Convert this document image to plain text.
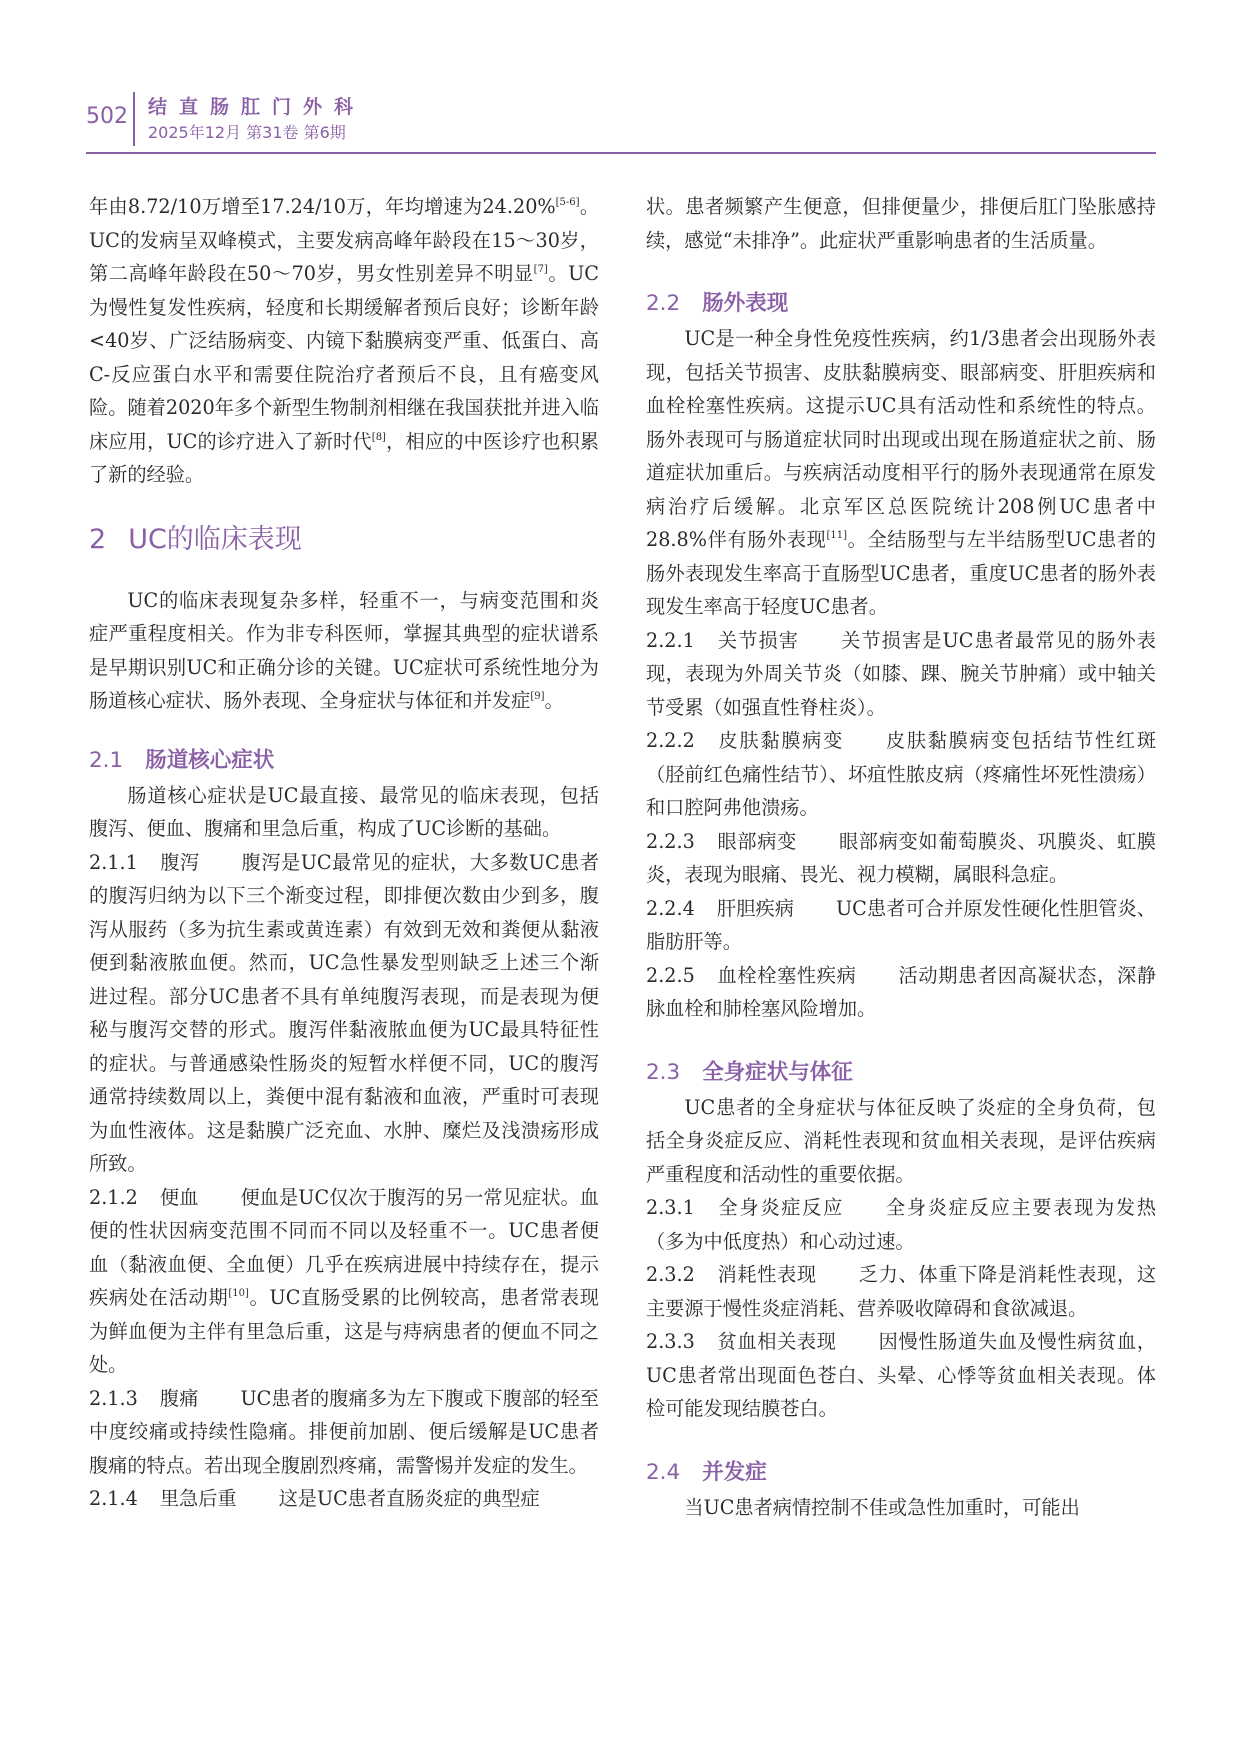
502 结直肠肛门外科
2025年12月 第31卷 第6期

年由8.72/10万增至17.24/10万，年均增速为24.20%[5-6]。UC的发病呈双峰模式，主要发病高峰年龄段在15～30岁，第二高峰年龄段在50～70岁，男女性别差异不明显[7]。UC为慢性复发性疾病，轻度和长期缓解者预后良好；诊断年龄<40岁、广泛结肠病变、内镜下黏膜病变严重、低蛋白、高C-反应蛋白水平和需要住院治疗者预后不良，且有癌变风险。随着2020年多个新型生物制剂相继在我国获批并进入临床应用，UC的诊疗进入了新时代[8]，相应的中医诊疗也积累了新的经验。

2 UC的临床表现

UC的临床表现复杂多样，轻重不一，与病变范围和炎症严重程度相关。作为非专科医师，掌握其典型的症状谱系是早期识别UC和正确分诊的关键。UC症状可系统性地分为肠道核心症状、肠外表现、全身症状与体征和并发症[9]。

2.1 肠道核心症状

肠道核心症状是UC最直接、最常见的临床表现，包括腹泻、便血、腹痛和里急后重，构成了UC诊断的基础。

2.1.1 腹泻 腹泻是UC最常见的症状，大多数UC患者的腹泻归纳为以下三个渐变过程，即排便次数由少到多，腹泻从服药（多为抗生素或黄连素）有效到无效和粪便从黏液便到黏液脓血便。然而，UC急性暴发型则缺乏上述三个渐进过程。部分UC患者不具有单纯腹泻表现，而是表现为便秘与腹泻交替的形式。腹泻伴黏液脓血便为UC最具特征性的症状。与普通感染性肠炎的短暂水样便不同，UC的腹泻通常持续数周以上，粪便中混有黏液和血液，严重时可表现为血性液体。这是黏膜广泛充血、水肿、糜烂及浅溃疡形成所致。

2.1.2 便血 便血是UC仅次于腹泻的另一常见症状。血便的性状因病变范围不同而不同以及轻重不一。UC患者便血（黏液血便、全血便）几乎在疾病进展中持续存在，提示疾病处在活动期[10]。UC直肠受累的比例较高，患者常表现为鲜血便为主伴有里急后重，这是与痔病患者的便血不同之处。

2.1.3 腹痛 UC患者的腹痛多为左下腹或下腹部的轻至中度绞痛或持续性隐痛。排便前加剧、便后缓解是UC患者腹痛的特点。若出现全腹剧烈疼痛，需警惕并发症的发生。

2.1.4 里急后重 这是UC患者直肠炎症的典型症

状。患者频繁产生便意，但排便量少，排便后肛门坠胀感持续，感觉“未排净”。此症状严重影响患者的生活质量。

2.2 肠外表现

UC是一种全身性免疫性疾病，约1/3患者会出现肠外表现，包括关节损害、皮肤黏膜病变、眼部病变、肝胆疾病和血栓栓塞性疾病。这提示UC具有活动性和系统性的特点。肠外表现可与肠道症状同时出现或出现在肠道症状之前、肠道症状加重后。与疾病活动度相平行的肠外表现通常在原发病治疗后缓解。北京军区总医院统计208例UC患者中28.8%伴有肠外表现[11]。全结肠型与左半结肠型UC患者的肠外表现发生率高于直肠型UC患者，重度UC患者的肠外表现发生率高于轻度UC患者。

2.2.1 关节损害 关节损害是UC患者最常见的肠外表现，表现为外周关节炎（如膝、踝、腕关节肿痛）或中轴关节受累（如强直性脊柱炎）。

2.2.2 皮肤黏膜病变 皮肤黏膜病变包括结节性红斑（胫前红色痛性结节）、坏疽性脓皮病（疼痛性坏死性溃疡）和口腔阿弗他溃疡。

2.2.3 眼部病变 眼部病变如葡萄膜炎、巩膜炎、虹膜炎，表现为眼痛、畏光、视力模糊，属眼科急症。

2.2.4 肝胆疾病 UC患者可合并原发性硬化性胆管炎、脂肪肝等。

2.2.5 血栓栓塞性疾病 活动期患者因高凝状态，深静脉血栓和肺栓塞风险增加。

2.3 全身症状与体征

UC患者的全身症状与体征反映了炎症的全身负荷，包括全身炎症反应、消耗性表现和贫血相关表现，是评估疾病严重程度和活动性的重要依据。

2.3.1 全身炎症反应 全身炎症反应主要表现为发热（多为中低度热）和心动过速。

2.3.2 消耗性表现 乏力、体重下降是消耗性表现，这主要源于慢性炎症消耗、营养吸收障碍和食欲减退。

2.3.3 贫血相关表现 因慢性肠道失血及慢性病贫血，UC患者常出现面色苍白、头晕、心悸等贫血相关表现。体检可能发现结膜苍白。

2.4 并发症

当UC患者病情控制不佳或急性加重时，可能出
